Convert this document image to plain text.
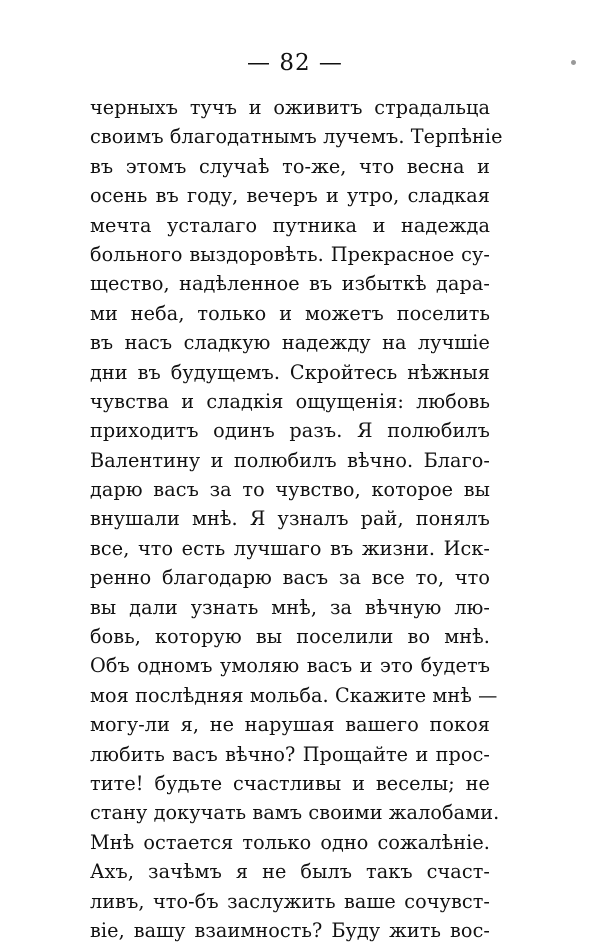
— 82 —
черныхъ тучъ и оживитъ страдальца
своимъ благодатнымъ лучемъ. Терпѣніе
въ этомъ случаѣ то-же, что весна и
осень въ году, вечеръ и утро, сладкая
мечта усталаго путника и надежда
больного выздоровѣть. Прекрасное су-
щество, надѣленное въ избыткѣ дара-
ми неба, только и можетъ поселить
въ насъ сладкую надежду на лучшіе
дни въ будущемъ. Скройтесь нѣжныя
чувства и сладкія ощущенія: любовь
приходитъ одинъ разъ. Я полюбилъ
Валентину и полюбилъ вѣчно. Благо-
дарю васъ за то чувство, которое вы
внушали мнѣ. Я узналъ рай, понялъ
все, что есть лучшаго въ жизни. Иск-
ренно благодарю васъ за все то, что
вы дали узнать мнѣ, за вѣчную лю-
бовь, которую вы поселили во мнѣ.
Объ одномъ умоляю васъ и это будетъ
моя послѣдняя мольба. Скажите мнѣ —
могу-ли я, не нарушая вашего покоя
любить васъ вѣчно? Прощайте и прос-
тите! будьте счастливы и веселы; не
стану докучать вамъ своими жалобами.
Мнѣ остается только одно сожалѣніе.
Ахъ, зачѣмъ я не былъ такъ счаст-
ливъ, что-бъ заслужить ваше сочувст-
віе, вашу взаимность? Буду жить вос-
